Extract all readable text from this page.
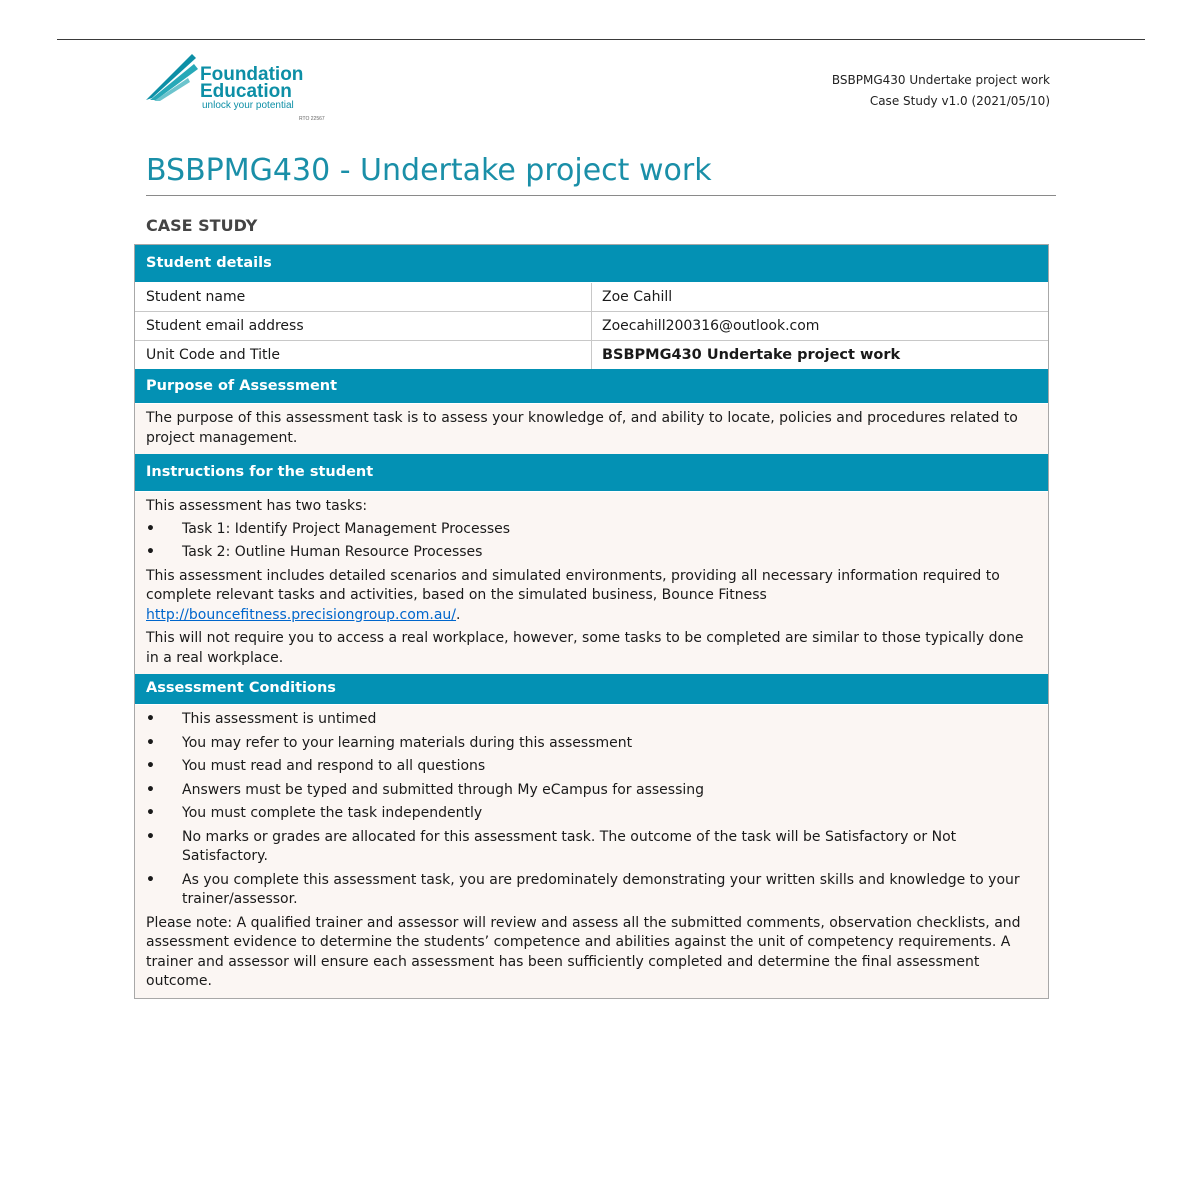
Foundation
Education
unlock your potential
RTO 22567
BSBPMG430 Undertake project work
Case Study v1.0 (2021/05/10)
BSBPMG430 - Undertake project work
CASE STUDY
Student details
Student name	Zoe Cahill
Student email address	Zoecahill200316@outlook.com
Unit Code and Title	BSBPMG430 Undertake project work
Purpose of Assessment

The purpose of this assessment task is to assess your knowledge of, and ability to locate, policies and procedures related to project management.

Instructions for the student

This assessment has two tasks:

• Task 1: Identify Project Management Processes
• Task 2: Outline Human Resource Processes

This assessment includes detailed scenarios and simulated environments, providing all necessary information required to complete relevant tasks and activities, based on the simulated business, Bounce Fitness http://bouncefitness.precisiongroup.com.au/.

This will not require you to access a real workplace, however, some tasks to be completed are similar to those typically done in a real workplace.

Assessment Conditions
• This assessment is untimed
• You may refer to your learning materials during this assessment
• You must read and respond to all questions
• Answers must be typed and submitted through My eCampus for assessing
• You must complete the task independently
• No marks or grades are allocated for this assessment task. The outcome of the task will be Satisfactory or Not Satisfactory.
• As you complete this assessment task, you are predominately demonstrating your written skills and knowledge to your trainer/assessor.

Please note: A qualified trainer and assessor will review and assess all the submitted comments, observation checklists, and assessment evidence to determine the students’ competence and abilities against the unit of competency requirements. A trainer and assessor will ensure each assessment has been sufficiently completed and determine the final assessment outcome.
